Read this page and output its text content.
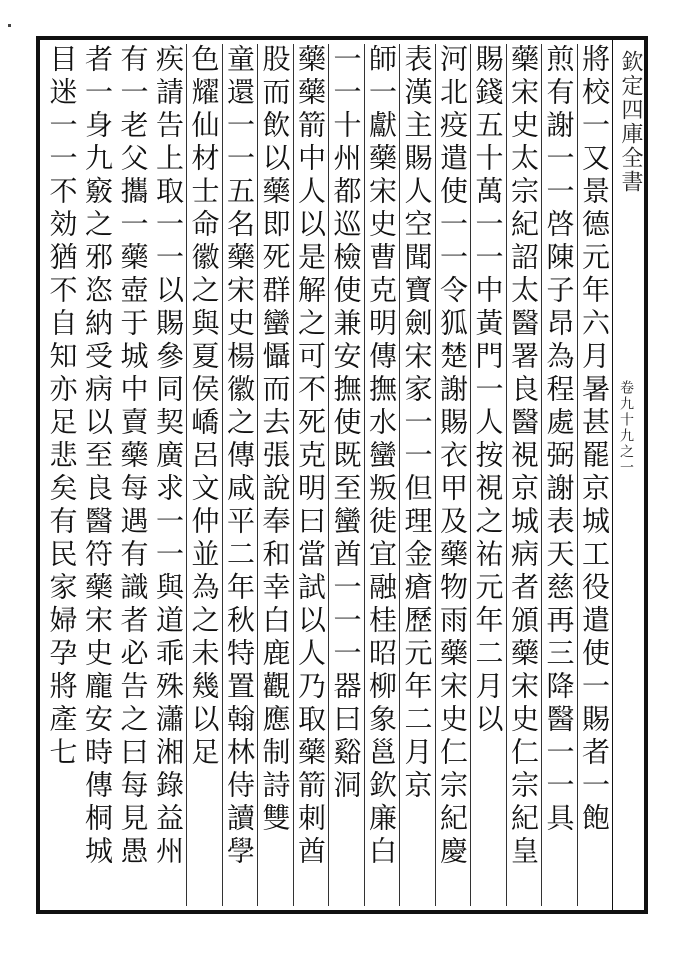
欽定四庫全書
卷九十九之一
將校一又景德元年六月暑甚罷京城工役遣使一賜者一飽
煎有謝一一啓陳子昂為程處弼謝表天慈再三降醫一一具
藥宋史太宗紀詔太醫署良醫視京城病者頒藥宋史仁宗紀皇
賜錢五十萬一一中黃門一人按視之祐元年二月以
河北疫遣使一一令狐楚謝賜衣甲及藥物雨藥宋史仁宗紀慶
表漢主賜人空聞寶劍宋家一一但理金瘡歷元年二月京
師一獻藥宋史曹克明傳撫水蠻叛徙宜融桂昭柳象邕欽廉白
一一十州都巡檢使兼安撫使既至蠻酋一一一器曰谿洞
藥藥箭中人以是解之可不死克明曰當試以人乃取藥箭刺酋
股而飲以藥即死群蠻懾而去張說奉和幸白鹿觀應制詩雙
童還一一五名藥宋史楊徽之傳咸平二年秋特置翰林侍讀學
色耀仙材士命徽之與夏侯嶠呂文仲並為之未幾以足
疾請告上取一一以賜參同契廣求一一與道乖殊瀟湘錄益州
有一老父攜一藥壺于城中賣藥每遇有識者必告之曰每見愚
者一身九竅之邪恣納受病以至良醫符藥宋史龐安時傳桐城
目迷一一不効猶不自知亦足悲矣有民家婦孕將產七
